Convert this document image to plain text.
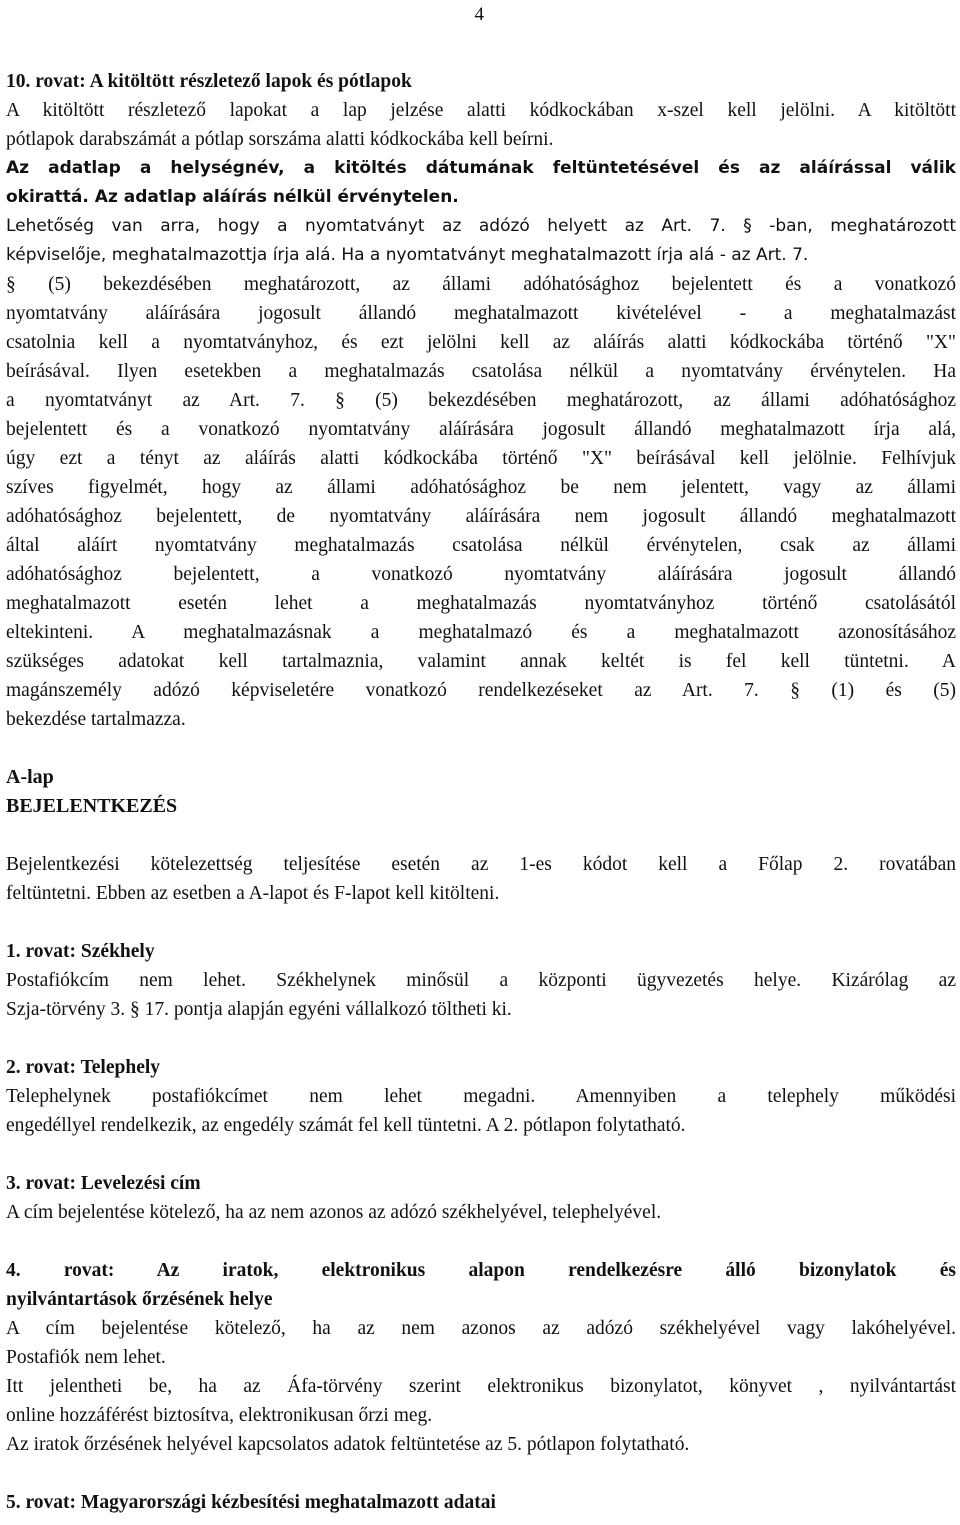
4
10. rovat: A kitöltött részletező lapok és pótlapok
A kitöltött részletező lapokat a lap jelzése alatti kódkockában x-szel kell jelölni. A kitöltött
pótlapok darabszámát a pótlap sorszáma alatti kódkockába kell beírni.
Az adatlap a helységnév, a kitöltés dátumának feltüntetésével és az aláírással válik
okirattá. Az adatlap aláírás nélkül érvénytelen.
Lehetőség van arra, hogy a nyomtatványt az adózó helyett az Art. 7. § -ban, meghatározott
képviselője, meghatalmazottja írja alá. Ha a nyomtatványt meghatalmazott írja alá - az Art. 7.
§ (5) bekezdésében meghatározott, az állami adóhatósághoz bejelentett és a vonatkozó
nyomtatvány aláírására jogosult állandó meghatalmazott kivételével - a meghatalmazást
csatolnia kell a nyomtatványhoz, és ezt jelölni kell az aláírás alatti kódkockába történő "X"
beírásával. Ilyen esetekben a meghatalmazás csatolása nélkül a nyomtatvány érvénytelen. Ha
a nyomtatványt az Art. 7. § (5) bekezdésében meghatározott, az állami adóhatósághoz
bejelentett és a vonatkozó nyomtatvány aláírására jogosult állandó meghatalmazott írja alá,
úgy ezt a tényt az aláírás alatti kódkockába történő "X" beírásával kell jelölnie. Felhívjuk
szíves figyelmét, hogy az állami adóhatósághoz be nem jelentett, vagy az állami
adóhatósághoz bejelentett, de nyomtatvány aláírására nem jogosult állandó meghatalmazott
által aláírt nyomtatvány meghatalmazás csatolása nélkül érvénytelen, csak az állami
adóhatósághoz bejelentett, a vonatkozó nyomtatvány aláírására jogosult állandó
meghatalmazott esetén lehet a meghatalmazás nyomtatványhoz történő csatolásától
eltekinteni. A meghatalmazásnak a meghatalmazó és a meghatalmazott azonosításához
szükséges adatokat kell tartalmaznia, valamint annak keltét is fel kell tüntetni. A
magánszemély adózó képviseletére vonatkozó rendelkezéseket az Art. 7. § (1) és (5)
bekezdése tartalmazza.
A-lap
BEJELENTKEZÉS
Bejelentkezési kötelezettség teljesítése esetén az 1-es kódot kell a Főlap 2. rovatában
feltüntetni. Ebben az esetben a A-lapot és F-lapot kell kitölteni.
1. rovat: Székhely
Postafiókcím nem lehet. Székhelynek minősül a központi ügyvezetés helye. Kizárólag az
Szja-törvény 3. § 17. pontja alapján egyéni vállalkozó töltheti ki.
2. rovat: Telephely
Telephelynek postafiókcímet nem lehet megadni. Amennyiben a telephely működési
engedéllyel rendelkezik, az engedély számát fel kell tüntetni. A 2. pótlapon folytatható.
3. rovat: Levelezési cím
A cím bejelentése kötelező, ha az nem azonos az adózó székhelyével, telephelyével.
4. rovat: Az iratok, elektronikus alapon rendelkezésre álló bizonylatok és
nyilvántartások őrzésének helye
A cím bejelentése kötelező, ha az nem azonos az adózó székhelyével vagy lakóhelyével.
Postafiók nem lehet.
Itt jelentheti be, ha az Áfa-törvény szerint elektronikus bizonylatot, könyvet , nyilvántartást
online hozzáférést biztosítva, elektronikusan őrzi meg.
Az iratok őrzésének helyével kapcsolatos adatok feltüntetése az 5. pótlapon folytatható.
5. rovat: Magyarországi kézbesítési meghatalmazott adatai
